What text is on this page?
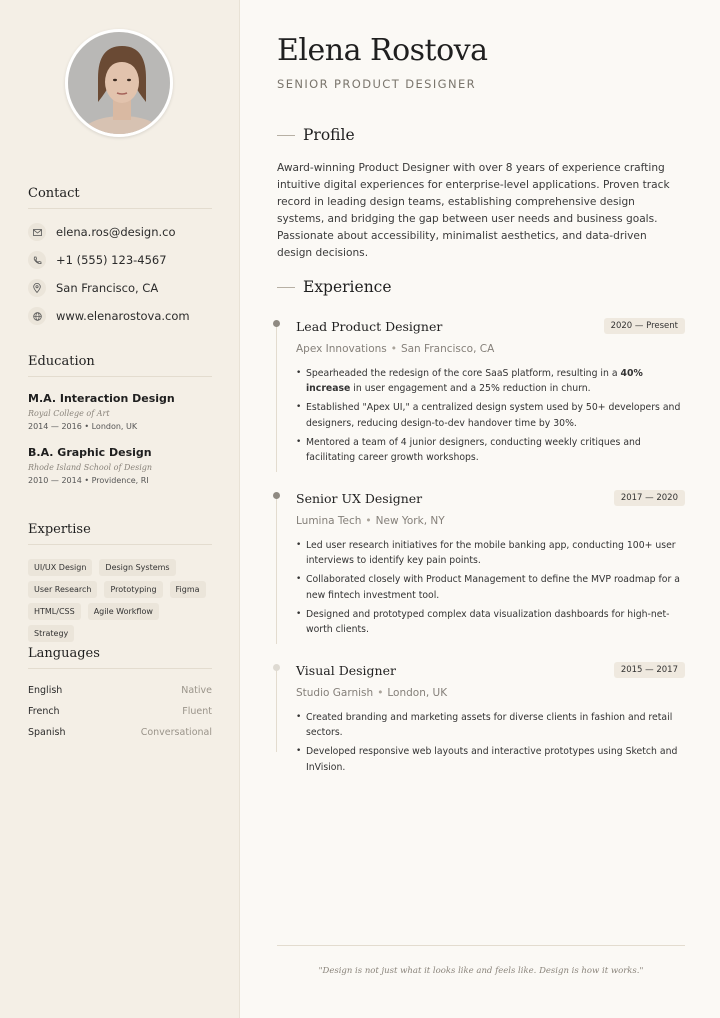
Contact
elena.ros@design.co
+1 (555) 123-4567
San Francisco, CA
www.elenarostova.com
Education
M.A. Interaction Design
Royal College of Art
2014 — 2016 • London, UK
B.A. Graphic Design
Rhode Island School of Design
2010 — 2014 • Providence, RI
Expertise
UI/UX Design	Design Systems
User Research	Prototyping	Figma
HTML/CSS	Agile Workflow
Strategy
Languages
English	Native
French	Fluent
Spanish	Conversational
Elena Rostova
SENIOR PRODUCT DESIGNER
Profile
Award-winning Product Designer with over 8 years of experience crafting intuitive digital experiences for enterprise-level applications. Proven track record in leading design teams, establishing comprehensive design systems, and bridging the gap between user needs and business goals. Passionate about accessibility, minimalist aesthetics, and data-driven design decisions.
Experience
Lead Product Designer	2020 — Present
Apex Innovations • San Francisco, CA
• Spearheaded the redesign of the core SaaS platform, resulting in a 40% increase in user engagement and a 25% reduction in churn.
• Established "Apex UI," a centralized design system used by 50+ developers and designers, reducing design-to-dev handover time by 30%.
• Mentored a team of 4 junior designers, conducting weekly critiques and facilitating career growth workshops.
Senior UX Designer	2017 — 2020
Lumina Tech • New York, NY
• Led user research initiatives for the mobile banking app, conducting 100+ user interviews to identify key pain points.
• Collaborated closely with Product Management to define the MVP roadmap for a new fintech investment tool.
• Designed and prototyped complex data visualization dashboards for high-net-worth clients.
Visual Designer	2015 — 2017
Studio Garnish • London, UK
• Created branding and marketing assets for diverse clients in fashion and retail sectors.
• Developed responsive web layouts and interactive prototypes using Sketch and InVision.
"Design is not just what it looks like and feels like. Design is how it works."
